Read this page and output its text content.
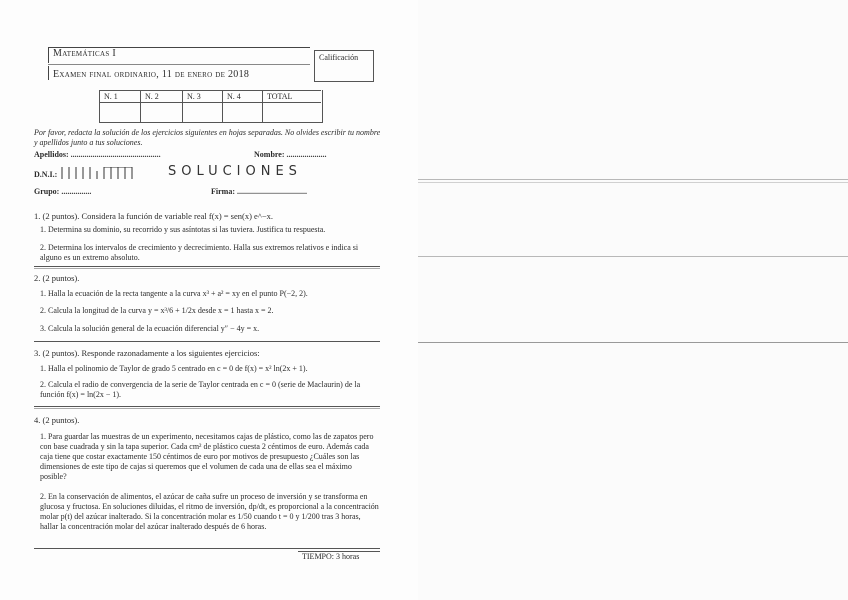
Matemáticas I
Examen final ordinario, 11 de enero de 2018
Calificación
N. 1	N. 2	N. 3	N. 4	TOTAL
Por favor, redacta la solución de los ejercicios siguientes en hojas separadas. No olvides escribir tu nombre y apellidos junto a tus soluciones.
Apellidos: .............................................	Nombre: ....................
D.N.I.:	SOLUCIONES
Grupo: ...............	Firma: ...................................
1. (2 puntos). Considera la función de variable real f(x) = sen(x) e^−x.
1. Determina su dominio, su recorrido y sus asíntotas si las tuviera. Justifica tu respuesta.
2. Determina los intervalos de crecimiento y decrecimiento. Halla sus extremos relativos e indica si alguno es un extremo absoluto.
2. (2 puntos).
1. Halla la ecuación de la recta tangente a la curva x³ + a² = xy en el punto P(−2, 2).
2. Calcula la longitud de la curva y = x³/6 + 1/2x desde x = 1 hasta x = 2.
3. Calcula la solución general de la ecuación diferencial y″ − 4y = x.
3. (2 puntos). Responde razonadamente a los siguientes ejercicios:
1. Halla el polinomio de Taylor de grado 5 centrado en c = 0 de f(x) = x² ln(2x + 1).
2. Calcula el radio de convergencia de la serie de Taylor centrada en c = 0 (serie de Maclaurin) de la función f(x) = ln(2x − 1).
4. (2 puntos).
1. Para guardar las muestras de un experimento, necesitamos cajas de plástico, como las de zapatos pero con base cuadrada y sin la tapa superior. Cada cm² de plástico cuesta 2 céntimos de euro. Además cada caja tiene que costar exactamente 150 céntimos de euro por motivos de presupuesto ¿Cuáles son las dimensiones de este tipo de cajas si queremos que el volumen de cada una de ellas sea el máximo posible?
2. En la conservación de alimentos, el azúcar de caña sufre un proceso de inversión y se transforma en glucosa y fructosa. En soluciones diluidas, el ritmo de inversión, dp/dt, es proporcional a la concentración molar p(t) del azúcar inalterado. Si la concentración molar es 1/50 cuando t = 0 y 1/200 tras 3 horas, hallar la concentración molar del azúcar inalterado después de 6 horas.
TIEMPO: 3 horas
